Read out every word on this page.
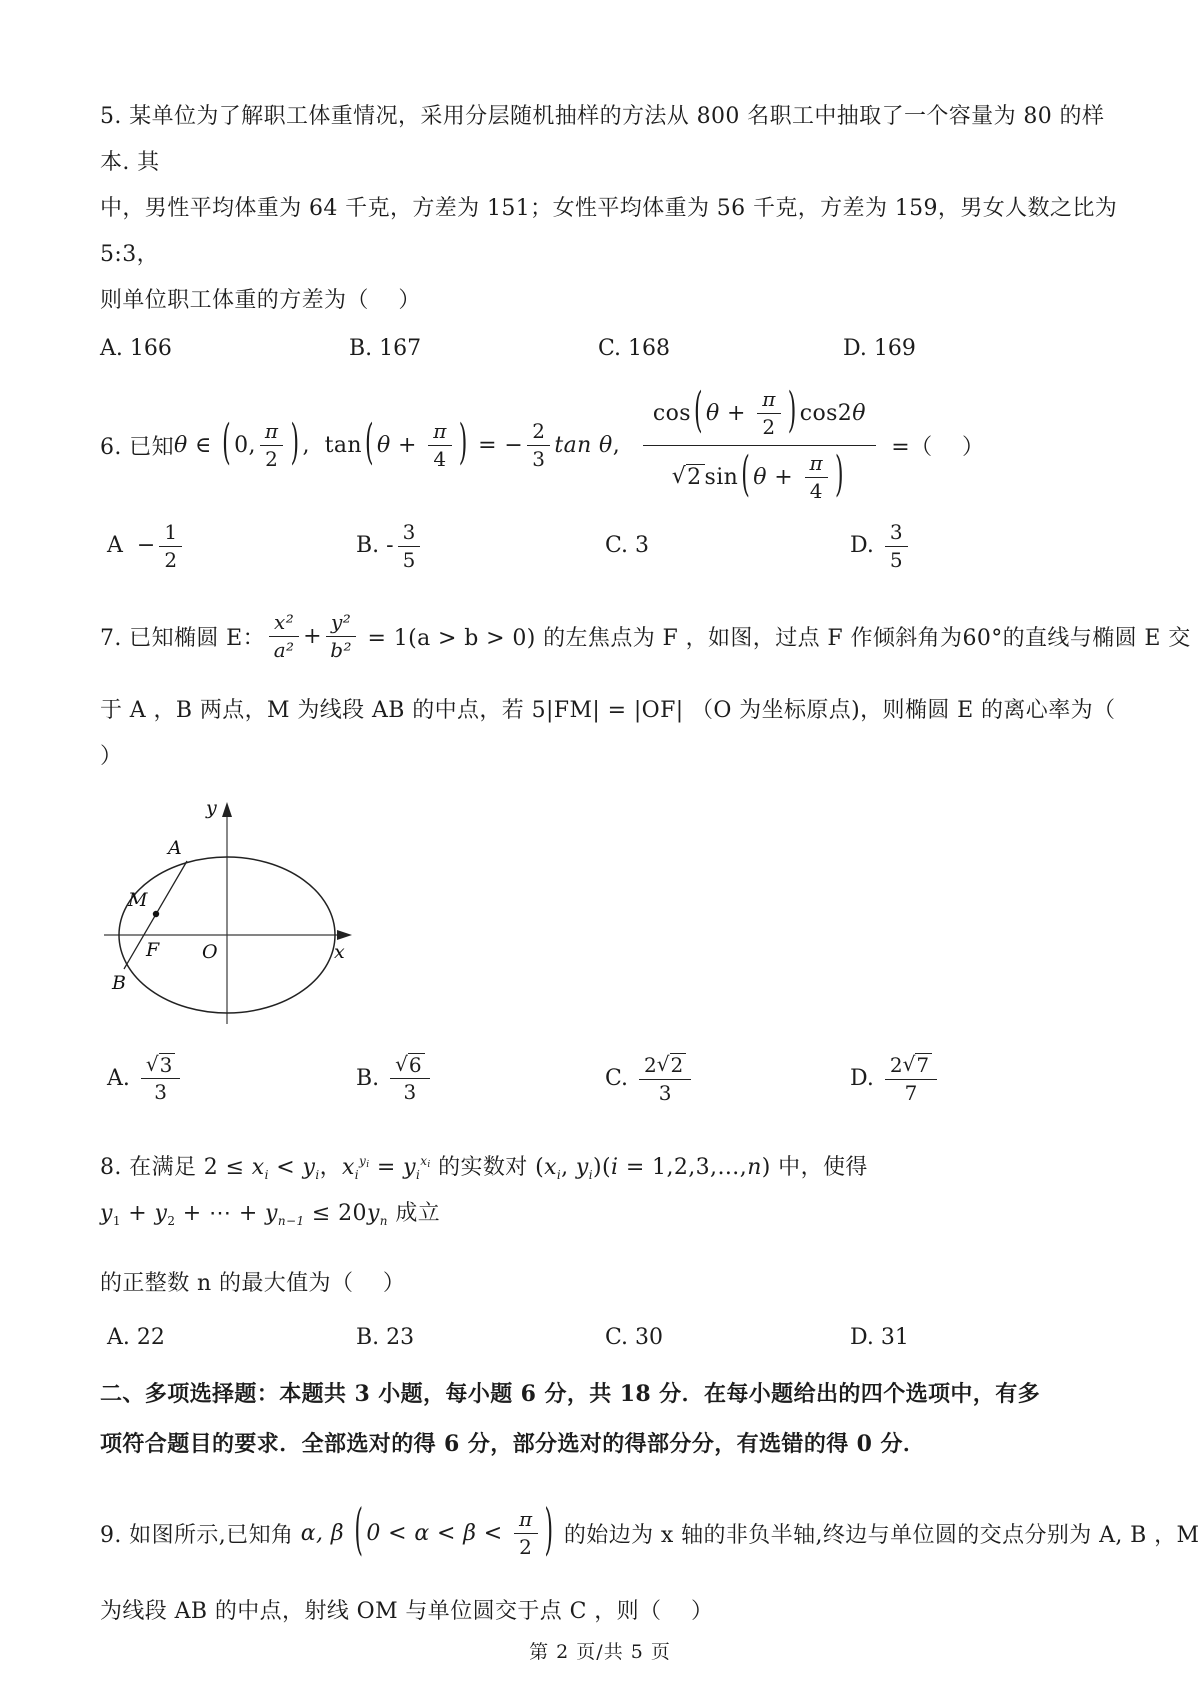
5. 某单位为了解职工体重情况，采用分层随机抽样的方法从 800 名职工中抽取了一个容量为 80 的样本. 其

中，男性平均体重为 64 千克，方差为 151；女性平均体重为 56 千克，方差为 159，男女人数之比为 5:3，

则单位职工体重的方差为（    ）

A. 166	B. 167	C. 168	D. 169
6. 已知 θ ∈ ( 0, $\frac{\pi}{2}$ ) , tan ( $\theta + \frac{\pi}{4}$ ) = − $\frac{2}{3}$ tan θ ,
cos ( $\theta + \frac{\pi}{2}$ ) cos 2 θ
√ 2 sin ( $\theta + \frac{\pi}{4}$ )
=（    ）
$A - \frac{1}{2}$	B. - $\frac{3}{5}$	C. 3	D. $\frac{3}{5}$
7. 已知椭圆 E： $\frac{\text{x²}}{\text{a²}} + \frac{\text{y²}}{\text{b²}} = 1(a > b > 0)$ 的左焦点为 F ，如图，过点 F 作倾斜角为60°的直线与椭圆 E 交

于 A ，B 两点，M 为线段 AB 的中点，若 5|FM| = |OF| （O 为坐标原点)，则椭圆 E 的离心率为（    ）

y
A
M
F O	x
B
A. $\frac{√ 3}{3}$	B. $\frac{√ 6}{3}$	C. $\frac{2 √ 2}{3}$	D. $\frac{2 √ 7}{7}$

8. 在满足 $2 \le x_i < y_i$，$x_i^{y_i} = y_i^{x_i}$ 的实数对 ($x_i$, $y_i)(i$ = 1,2,3,…,n) 中，使得 $y_1 + y_2$ + ⋯ + $y_{n-1} \le 20y_n$ 成立

的正整数 n 的最大值为（    ）

A. 22	B. 23	C. 30	D. 31

二、多项选择题：本题共 3 小题，每小题 6 分，共 18 分．在每小题给出的四个选项中，有多

项符合题目的要求．全部选对的得 6 分，部分选对的得部分分，有选错的得 0 分．

9. 如图所示,已知角 α, β ( $0 < \alpha < \beta < \frac{\pi}{2}$ ) 的始边为 x 轴的非负半轴,终边与单位圆的交点分别为 A, B ，M

为线段 AB 的中点，射线 OM 与单位圆交于点 C ，则（    ）

第 2 页/共 5 页
